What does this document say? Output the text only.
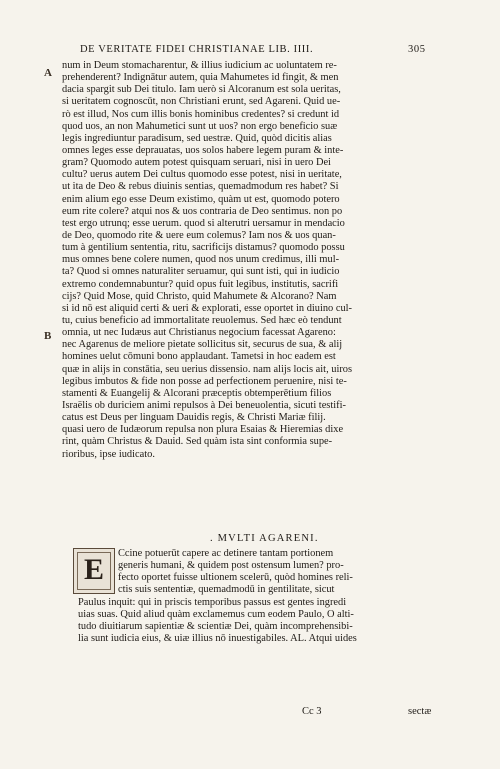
DE VERITATE FIDEI CHRISTIANAE LIB. IIII.	305
A
B
num in Deum stomacharentur, & illius iudicium ac uoluntatem re-
prehenderent? Indignātur autem, quia Mahumetes id fingit, & men
dacia spargit sub Dei titulo. Iam uerò si Alcoranum est sola ueritas,
si ueritatem cognoscūt, non Christiani erunt, sed Agareni. Quid ue-
rò est illud, Nos cum illis bonis hominibus credentes? si credunt id
quod uos, an non Mahumetici sunt ut uos? non ergo beneficio suæ
legis ingrediuntur paradisum, sed uestræ. Quid, quòd dicitis alias
omnes leges esse deprauatas, uos solos habere legem puram & inte-
gram? Quomodo autem potest quisquam seruari, nisi in uero Dei
cultu? uerus autem Dei cultus quomodo esse potest, nisi in ueritate,
ut ita de Deo & rebus diuinis sentias, quemadmodum res habet? Si
enim alium ego esse Deum existimo, quàm ut est, quomodo potero
eum rite colere? atqui nos & uos contraria de Deo sentimus. non po
test ergo utrunq; esse uerum. quod si alterutri uersamur in mendacio
de Deo, quomodo rite & uere eum colemus? Iam nos & uos quan-
tum à gentilium sententia, ritu, sacrificijs distamus? quomodo possu
mus omnes bene colere numen, quod nos unum credimus, illi mul-
ta? Quod si omnes naturaliter seruamur, qui sunt isti, qui in iudicio
extremo condemnabuntur? quid opus fuit legibus, institutis, sacrifi
cijs? Quid Mose, quid Christo, quid Mahumete & Alcorano? Nam
si id nō est aliquid certi & ueri & explorati, esse oportet in diuino cul-
tu, cuius beneficio ad immortalitate reuolemus. Sed hæc eò tendunt
omnia, ut nec Iudæus aut Christianus negocium facessat Agareno:
nec Agarenus de meliore pietate sollicitus sit, securus de sua, & alij
homines uelut cōmuni bono applaudant. Tametsi in hoc eadem est
quæ in alijs in constātia, seu uerius dissensio. nam alijs locis ait, uiros
legibus imbutos & fide non posse ad perfectionem peruenire, nisi te-
stamenti & Euangelij & Alcorani præceptis obtemperētium filios
Israëlis ob duriciem animi repulsos à Dei beneuolentia, sicuti testifi-
catus est Deus per linguam Dauidis regis, & Christi Mariæ filij.
quasi uero de Iudæorum repulsa non plura Esaias & Hieremias dixe
rint, quàm Christus & Dauid. Sed quàm ista sint conformia supe-
rioribus, ipse iudicato.
. MVLTI AGARENI.
E	Ccine potuerūt capere ac detinere tantam portionem
generis humani, & quidem post ostensum lumen? pro-
fecto oportet fuisse ultionem scelerū, quòd homines reli-
ctis suis sententiæ, quemadmodū in gentilitate, sicut
Paulus inquit: qui in priscis temporibus passus est gentes ingredi
uias suas. Quid aliud quàm exclamemus cum eodem Paulo, O alti-
tudo diuitiarum sapientiæ & scientiæ Dei, quàm incomprehensibi-
lia sunt iudicia eius, & uiæ illius nō inuestigabiles. AL. Atqui uides
Cc 3	sectæ
